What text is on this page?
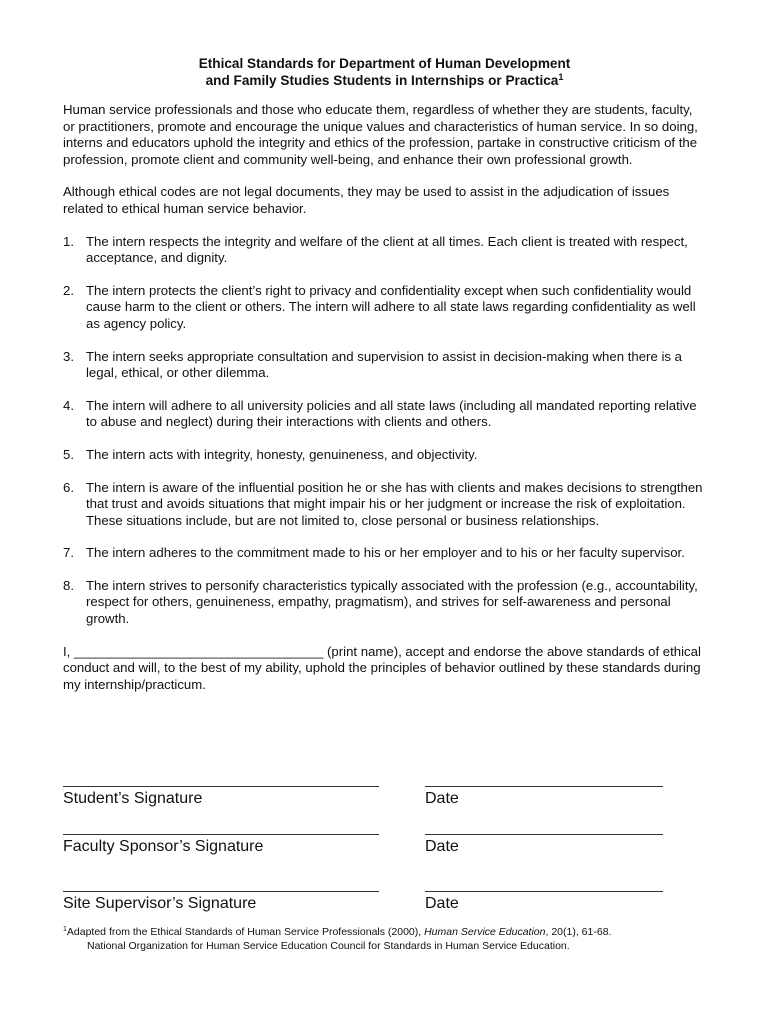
Ethical Standards for Department of Human Development
and Family Studies Students in Internships or Practica$^1$

Human service professionals and those who educate them, regardless of whether they are students, faculty, or practitioners, promote and encourage the unique values and characteristics of human service. In so doing, interns and educators uphold the integrity and ethics of the profession, partake in constructive criticism of the profession, promote client and community well-being, and enhance their own professional growth.

Although ethical codes are not legal documents, they may be used to assist in the adjudication of issues related to ethical human service behavior.

1. The intern respects the integrity and welfare of the client at all times. Each client is treated with respect, acceptance, and dignity.
2. The intern protects the client’s right to privacy and confidentiality except when such confidentiality would cause harm to the client or others. The intern will adhere to all state laws regarding confidentiality as well as agency policy.
3. The intern seeks appropriate consultation and supervision to assist in decision-making when there is a legal, ethical, or other dilemma.
4. The intern will adhere to all university policies and all state laws (including all mandated reporting relative to abuse and neglect) during their interactions with clients and others.
5. The intern acts with integrity, honesty, genuineness, and objectivity.
6. The intern is aware of the influential position he or she has with clients and makes decisions to strengthen that trust and avoids situations that might impair his or her judgment or increase the risk of exploitation. These situations include, but are not limited to, close personal or business relationships.
7. The intern adheres to the commitment made to his or her employer and to his or her faculty supervisor.
8. The intern strives to personify characteristics typically associated with the profession (e.g., accountability, respect for others, genuineness, empathy, pragmatism), and strives for self-awareness and personal growth.

I, __________________________________ (print name), accept and endorse the above standards of ethical conduct and will, to the best of my ability, uphold the principles of behavior outlined by these standards during my internship/practicum.

Student’s Signature	Date
Faculty Sponsor’s Signature	Date
Site Supervisor’s Signature	Date
$^1$Adapted from the Ethical Standards of Human Service Professionals (2000), Human Service Education, 20(1), 61-68.
National Organization for Human Service Education Council for Standards in Human Service Education.
